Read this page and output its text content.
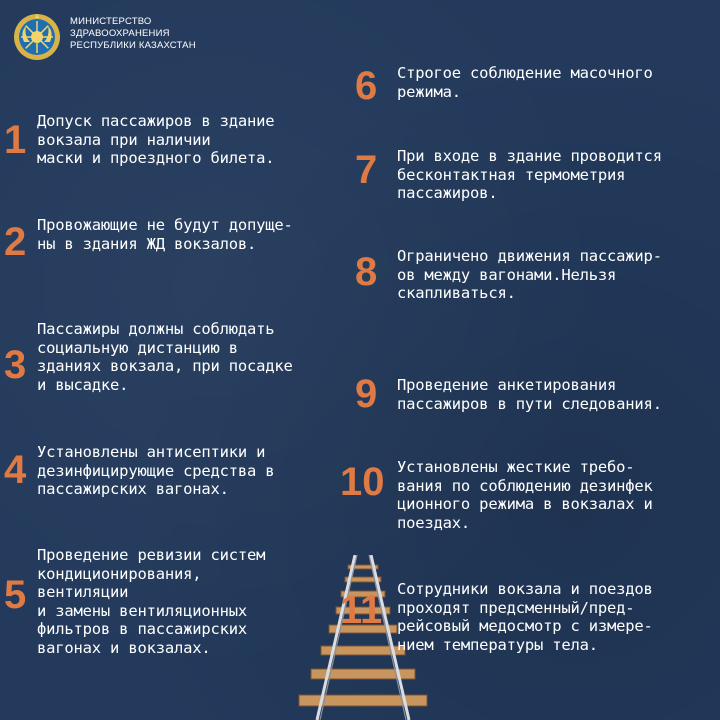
МИНИСТЕРСТВО
ЗДРАВООХРАНЕНИЯ
РЕСПУБЛИКИ КАЗАХСТАН
1 Допуск пассажиров в здание
вокзала при наличии
маски и проездного билета.
2 Провожающие не будут допуще-
ны в здания ЖД вокзалов.
3
Пассажиры должны соблюдать
социальную дистанцию в
зданиях вокзала, при посадке
и высадке.
4 Установлены антисептики и
дезинфицирующие средства в
пассажирских вагонах.
5
Проведение ревизии систем
кондиционирования,
вентиляции
и замены вентиляционных
фильтров в пассажирских
вагонах и вокзалах.
6 Строгое соблюдение масочного
режима.
7 При входе в здание проводится
бесконтактная термометрия
пассажиров.
8 Ограничено движения пассажир-
ов между вагонами.Нельзя
скапливаться.
9 Проведение анкетирования
пассажиров в пути следования.
10 Установлены жесткие требо-
вания по соблюдению дезинфек
ционного режима в вокзалах и
поездах.
11 Сотрудники вокзала и поездов
проходят предсменный/пред-
рейсовый медосмотр с измере-
нием температуры тела.
